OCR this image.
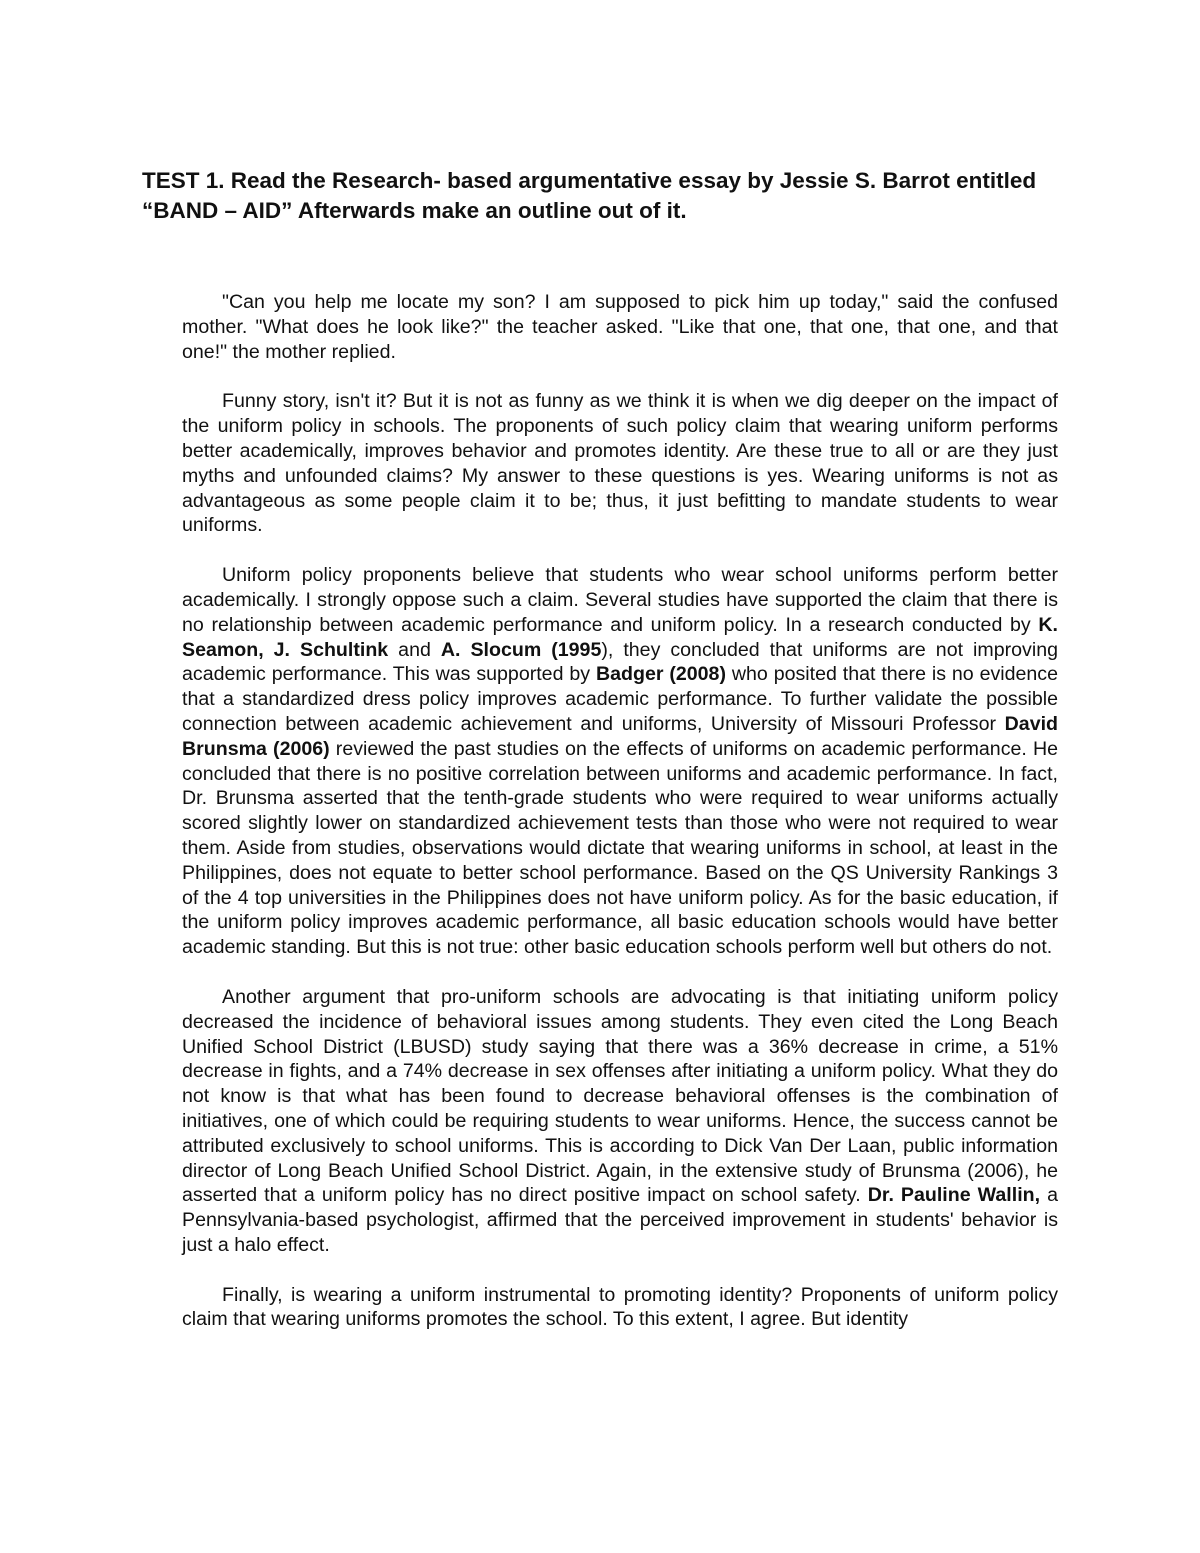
TEST 1. Read the Research- based argumentative essay by Jessie S. Barrot entitled “BAND – AID” Afterwards make an outline out of it.

"Can you help me locate my son? I am supposed to pick him up today," said the confused mother. "What does he look like?" the teacher asked. "Like that one, that one, that one, and that one!" the mother replied.

Funny story, isn't it? But it is not as funny as we think it is when we dig deeper on the impact of the uniform policy in schools. The proponents of such policy claim that wearing uniform performs better academically, improves behavior and promotes identity. Are these true to all or are they just myths and unfounded claims? My answer to these questions is yes. Wearing uniforms is not as advantageous as some people claim it to be; thus, it just befitting to mandate students to wear uniforms.

Uniform policy proponents believe that students who wear school uniforms perform better academically. I strongly oppose such a claim. Several studies have supported the claim that there is no relationship between academic performance and uniform policy. In a research conducted by K. Seamon, J. Schultink and A. Slocum (1995), they concluded that uniforms are not improving academic performance. This was supported by Badger (2008) who posited that there is no evidence that a standardized dress policy improves academic performance. To further validate the possible connection between academic achievement and uniforms, University of Missouri Professor David Brunsma (2006) reviewed the past studies on the effects of uniforms on academic performance. He concluded that there is no positive correlation between uniforms and academic performance. In fact, Dr. Brunsma asserted that the tenth-grade students who were required to wear uniforms actually scored slightly lower on standardized achievement tests than those who were not required to wear them. Aside from studies, observations would dictate that wearing uniforms in school, at least in the Philippines, does not equate to better school performance. Based on the QS University Rankings 3 of the 4 top universities in the Philippines does not have uniform policy. As for the basic education, if the uniform policy improves academic performance, all basic education schools would have better academic standing. But this is not true: other basic education schools perform well but others do not.

Another argument that pro-uniform schools are advocating is that initiating uniform policy decreased the incidence of behavioral issues among students. They even cited the Long Beach Unified School District (LBUSD) study saying that there was a 36% decrease in crime, a 51% decrease in fights, and a 74% decrease in sex offenses after initiating a uniform policy. What they do not know is that what has been found to decrease behavioral offenses is the combination of initiatives, one of which could be requiring students to wear uniforms. Hence, the success cannot be attributed exclusively to school uniforms. This is according to Dick Van Der Laan, public information director of Long Beach Unified School District. Again, in the extensive study of Brunsma (2006), he asserted that a uniform policy has no direct positive impact on school safety. Dr. Pauline Wallin, a Pennsylvania-based psychologist, affirmed that the perceived improvement in students' behavior is just a halo effect.

Finally, is wearing a uniform instrumental to promoting identity? Proponents of uniform policy claim that wearing uniforms promotes the school. To this extent, I agree. But identity
